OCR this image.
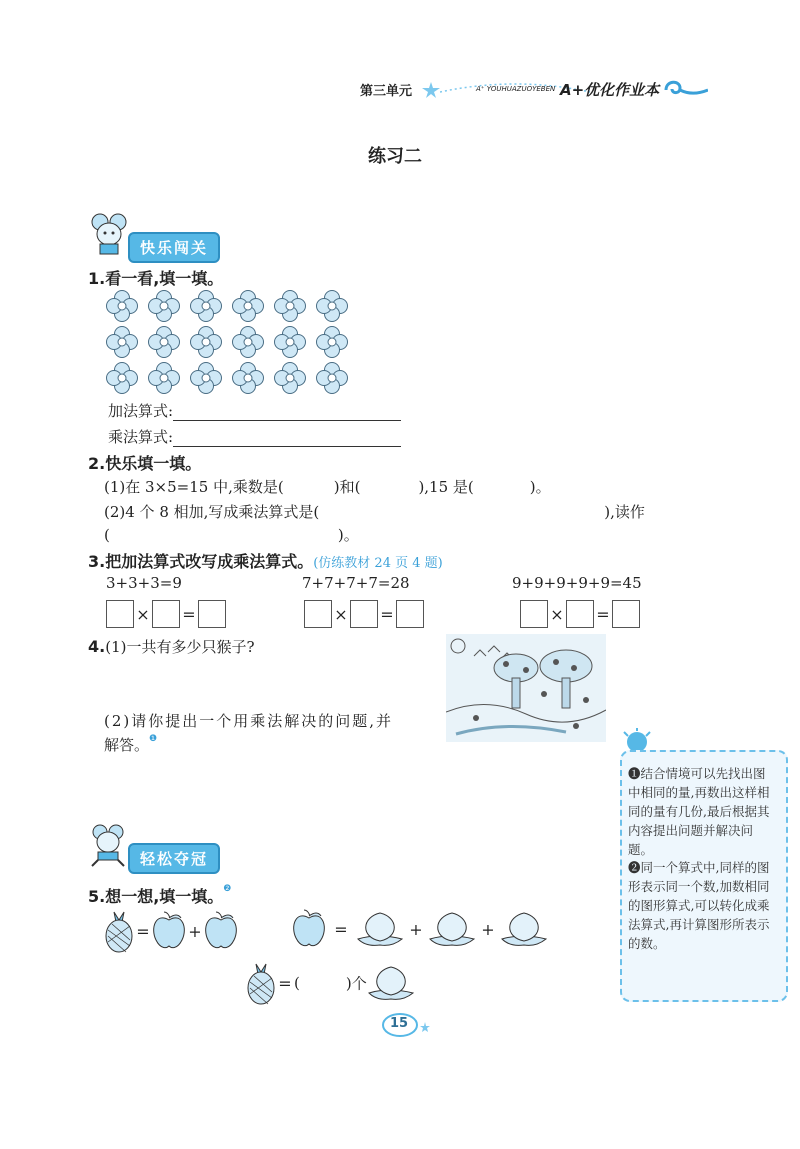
第三单元	A⁺ YOUHUAZUOYEBEN A+优化作业本
练习二
快乐闯关
1.看一看,填一填。
加法算式:
乘法算式:
2.快乐填一填。
(1)在 3×5=15 中,乘数是(	)和(	),15 是(	)。
(2)4 个 8 相加,写成乘法算式是(	),读作
(	)。
3.把加法算式改写成乘法算式。(仿练教材 24 页 4 题)
3+3+3=9	7+7+7+7=28	9+9+9+9+9=45
× =	× =	× =
4.(1)一共有多少只猴子?
(2)请你提出一个用乘法解决的问题,并
解答。$^❶$
❶结合情境可以先找出图中相同的量,再数出这样相同的量有几份,最后根据其内容提出问题并解决问题。
❷同一个算式中,同样的图形表示同一个数,加数相同的图形算式,可以转化成乘法算式,再计算图形所表示的数。
轻松夺冠
5.想一想,填一填。$^❷$
= +	=	+	+
= (	)个
15
